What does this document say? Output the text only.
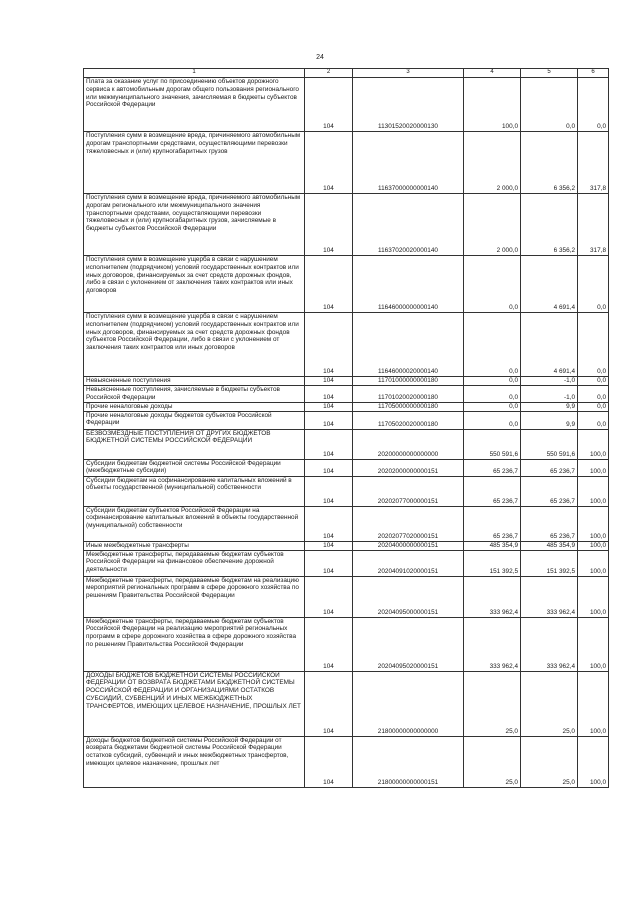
24
1	2	3	4	5	6
Плата за оказание услуг по присоединению объектов дорожного сервиса к автомобильным дорогам общего пользования регионального или межмуниципального значения, зачисляемая в бюджеты субъектов Российской Федерации	104	11301520020000130	100,0	0,0	0,0
Поступления сумм в возмещение вреда, причиняемого автомобильным дорогам транспортными средствами, осуществляющими перевозки тяжеловесных и (или) крупногабаритных грузов	104	11637000000000140	2 000,0	6 356,2	317,8
Поступления сумм в возмещение вреда, причиняемого автомобильным дорогам регионального или межмуниципального значения транспортными средствами, осуществляющими перевозки тяжеловесных и (или) крупногабаритных грузов, зачисляемые в бюджеты субъектов Российской Федерации	104	11637020020000140	2 000,0	6 356,2	317,8
Поступления сумм в возмещение ущерба в связи с нарушением исполнителем (подрядчиком) условий государственных контрактов или иных договоров, финансируемых за счет средств дорожных фондов, либо в связи с уклонением от заключения таких контрактов или иных договоров	104	11646000000000140	0,0	4 691,4	0,0
Поступления сумм в возмещение ущерба в связи с нарушением исполнителем (подрядчиком) условий государственных контрактов или иных договоров, финансируемых за счет средств дорожных фондов субъектов Российской Федерации, либо в связи с уклонением от заключения таких контрактов или иных договоров	104	11646000020000140	0,0	4 691,4	0,0
Невыясненные поступления	104	11701000000000180	0,0	-1,0	0,0
Невыясненные поступления, зачисляемые в бюджеты субъектов Российской Федерации	104	11701020020000180	0,0	-1,0	0,0
Прочие неналоговые доходы	104	11705000000000180	0,0	9,9	0,0
Прочие неналоговые доходы бюджетов субъектов Российской Федерации	104	11705020020000180	0,0	9,9	0,0
БЕЗВОЗМЕЗДНЫЕ ПОСТУПЛЕНИЯ ОТ ДРУГИХ БЮДЖЕТОВ БЮДЖЕТНОЙ СИСТЕМЫ РОССИЙСКОЙ ФЕДЕРАЦИИ	104	20200000000000000	550 591,6	550 591,6	100,0
Субсидии бюджетам бюджетной системы Российской Федерации (межбюджетные субсидии)	104	20202000000000151	65 236,7	65 236,7	100,0
Субсидии бюджетам на софинансирование капитальных вложений в объекты государственной (муниципальной) собственности	104	20202077000000151	65 236,7	65 236,7	100,0
Субсидии бюджетам субъектов Российской Федерации на софинансирование капитальных вложений в объекты государственной (муниципальной) собственности	104	20202077020000151	65 236,7	65 236,7	100,0
Иные межбюджетные трансферты	104	20204000000000151	485 354,9	485 354,9	100,0
Межбюджетные трансферты, передаваемые бюджетам субъектов Российской Федерации на финансовое обеспечение дорожной деятельности	104	20204091020000151	151 392,5	151 392,5	100,0
Межбюджетные трансферты, передаваемые бюджетам на реализацию мероприятий региональных программ в сфере дорожного хозяйства по решениям Правительства Российской Федерации	104	20204095000000151	333 962,4	333 962,4	100,0
Межбюджетные трансферты, передаваемые бюджетам субъектов Российской Федерации на реализацию мероприятий региональных программ в сфере дорожного хозяйства в сфере дорожного хозяйства по решениям Правительства Российской Федерации	104	20204095020000151	333 962,4	333 962,4	100,0
ДОХОДЫ БЮДЖЕТОВ БЮДЖЕТНОЙ СИСТЕМЫ РОССИЙСКОЙ ФЕДЕРАЦИИ ОТ ВОЗВРАТА БЮДЖЕТАМИ БЮДЖЕТНОЙ СИСТЕМЫ РОССИЙСКОЙ ФЕДЕРАЦИИ И ОРГАНИЗАЦИЯМИ ОСТАТКОВ СУБСИДИЙ, СУБВЕНЦИЙ И ИНЫХ МЕЖБЮДЖЕТНЫХ ТРАНСФЕРТОВ, ИМЕЮЩИХ ЦЕЛЕВОЕ НАЗНАЧЕНИЕ, ПРОШЛЫХ ЛЕТ	104	21800000000000000	25,0	25,0	100,0
Доходы бюджетов бюджетной системы Российской Федерации от возврата бюджетами бюджетной системы Российской Федерации остатков субсидий, субвенций и иных межбюджетных трансфертов, имеющих целевое назначение, прошлых лет	104	21800000000000151	25,0	25,0	100,0
